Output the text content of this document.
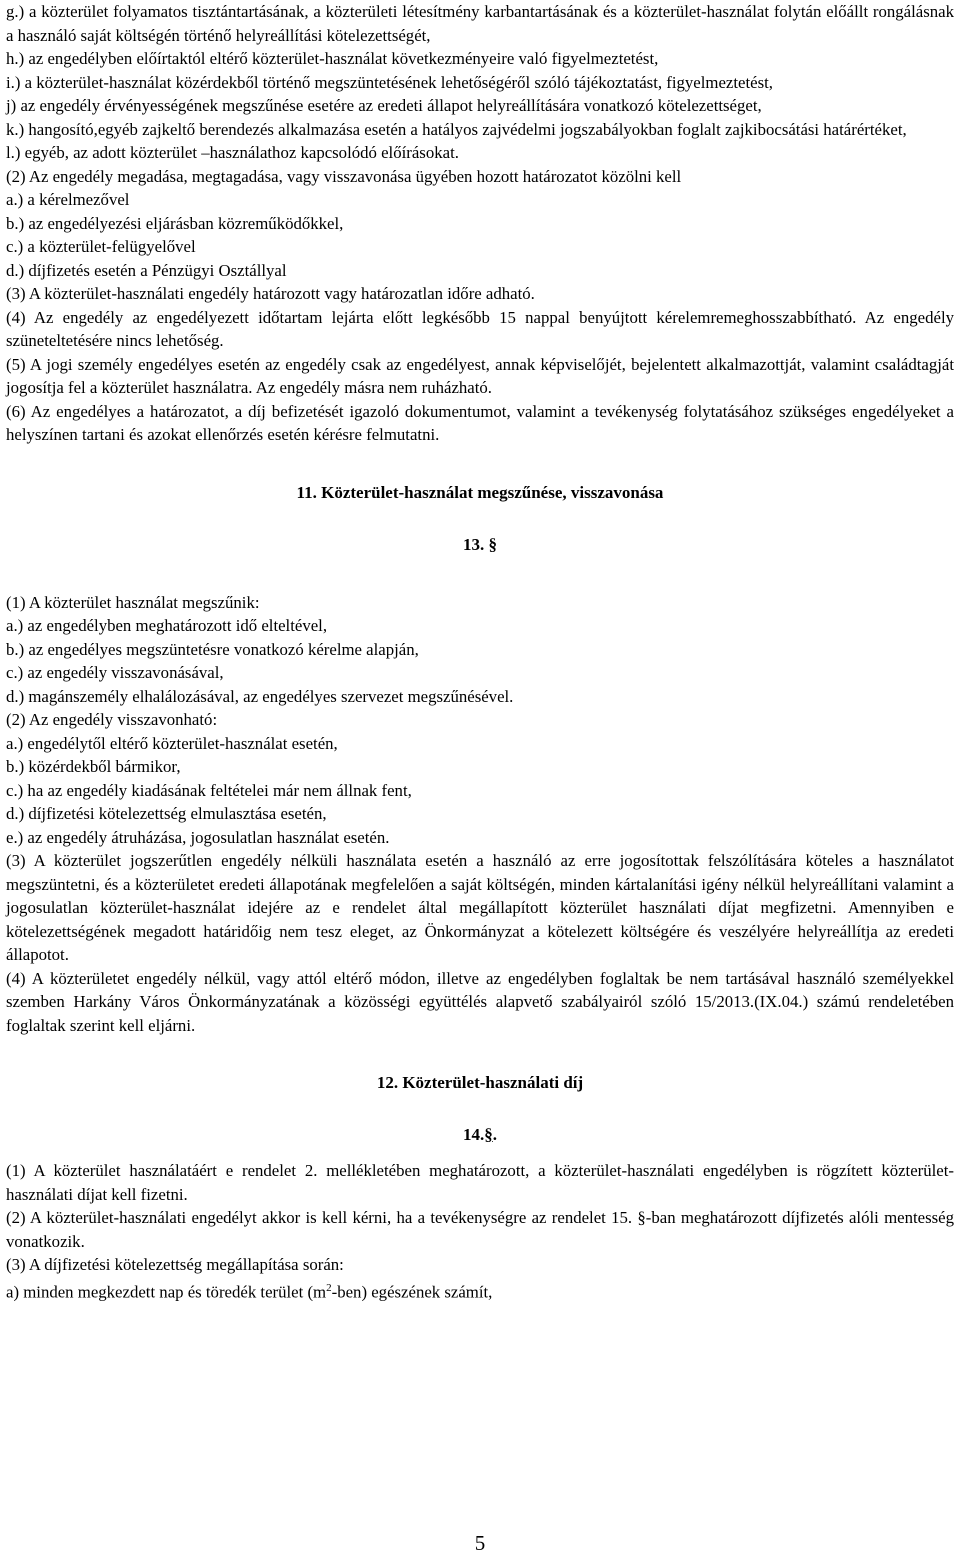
g.) a közterület folyamatos tisztántartásának, a közterületi létesítmény karbantartásának és a közterület-használat folytán előállt rongálásnak a használó saját költségén történő helyreállítási kötelezettségét,

h.) az engedélyben előírtaktól eltérő közterület-használat következményeire való figyelmeztetést,

i.) a közterület-használat közérdekből történő megszüntetésének lehetőségéről szóló tájékoztatást, figyelmeztetést,

j) az engedély érvényességének megszűnése esetére az eredeti állapot helyreállítására vonatkozó kötelezettséget,

k.) hangosító,egyéb zajkeltő berendezés alkalmazása esetén a hatályos zajvédelmi jogszabályokban foglalt zajkibocsátási határértéket,

l.) egyéb, az adott közterület –használathoz kapcsolódó előírásokat.

(2) Az engedély megadása, megtagadása, vagy visszavonása ügyében hozott határozatot közölni kell

a.) a kérelmezővel

b.) az engedélyezési eljárásban közreműködőkkel,

c.) a közterület-felügyelővel

d.) díjfizetés esetén a Pénzügyi Osztállyal

(3) A közterület-használati engedély határozott vagy határozatlan időre adható.

(4) Az engedély az engedélyezett időtartam lejárta előtt legkésőbb 15 nappal benyújtott kérelemremeghosszabbítható. Az engedély szüneteltetésére nincs lehetőség.

(5) A jogi személy engedélyes esetén az engedély csak az engedélyest, annak képviselőjét, bejelentett alkalmazottját, valamint családtagját jogosítja fel a közterület használatra. Az engedély másra nem ruházható.

(6) Az engedélyes a határozatot, a díj befizetését igazoló dokumentumot, valamint a tevékenység folytatásához szükséges engedélyeket a helyszínen tartani és azokat ellenőrzés esetén kérésre felmutatni.

11. Közterület-használat megszűnése, visszavonása

13. §

(1) A közterület használat megszűnik:

a.) az engedélyben meghatározott idő elteltével,

b.) az engedélyes megszüntetésre vonatkozó kérelme alapján,

c.) az engedély visszavonásával,

d.) magánszemély elhalálozásával, az engedélyes szervezet megszűnésével.

(2) Az engedély visszavonható:

a.) engedélytől eltérő közterület-használat esetén,

b.) közérdekből bármikor,

c.) ha az engedély kiadásának feltételei már nem állnak fent,

d.) díjfizetési kötelezettség elmulasztása esetén,

e.) az engedély átruházása, jogosulatlan használat esetén.

(3) A közterület jogszerűtlen engedély nélküli használata esetén a használó az erre jogosítottak felszólítására köteles a használatot megszüntetni, és a közterületet eredeti állapotának megfelelően a saját költségén, minden kártalanítási igény nélkül helyreállítani valamint a jogosulatlan közterület-használat idejére az e rendelet által megállapított közterület használati díjat megfizetni. Amennyiben e kötelezettségének megadott határidőig nem tesz eleget, az Önkormányzat a kötelezett költségére és veszélyére helyreállítja az eredeti állapotot.

(4) A közterületet engedély nélkül, vagy attól eltérő módon, illetve az engedélyben foglaltak be nem tartásával használó személyekkel szemben Harkány Város Önkormányzatának a közösségi együttélés alapvető szabályairól szóló 15/2013.(IX.04.) számú rendeletében foglaltak szerint kell eljárni.

12. Közterület-használati díj

14.§.

(1) A közterület használatáért e rendelet 2. mellékletében meghatározott, a közterület-használati engedélyben is rögzített közterület-használati díjat kell fizetni.

(2) A közterület-használati engedélyt akkor is kell kérni, ha a tevékenységre az rendelet 15. §-ban meghatározott díjfizetés alóli mentesség vonatkozik.

(3) A díjfizetési kötelezettség megállapítása során:

a) minden megkezdett nap és töredék terület $(m^2-ben)$ egészének számít,

5
